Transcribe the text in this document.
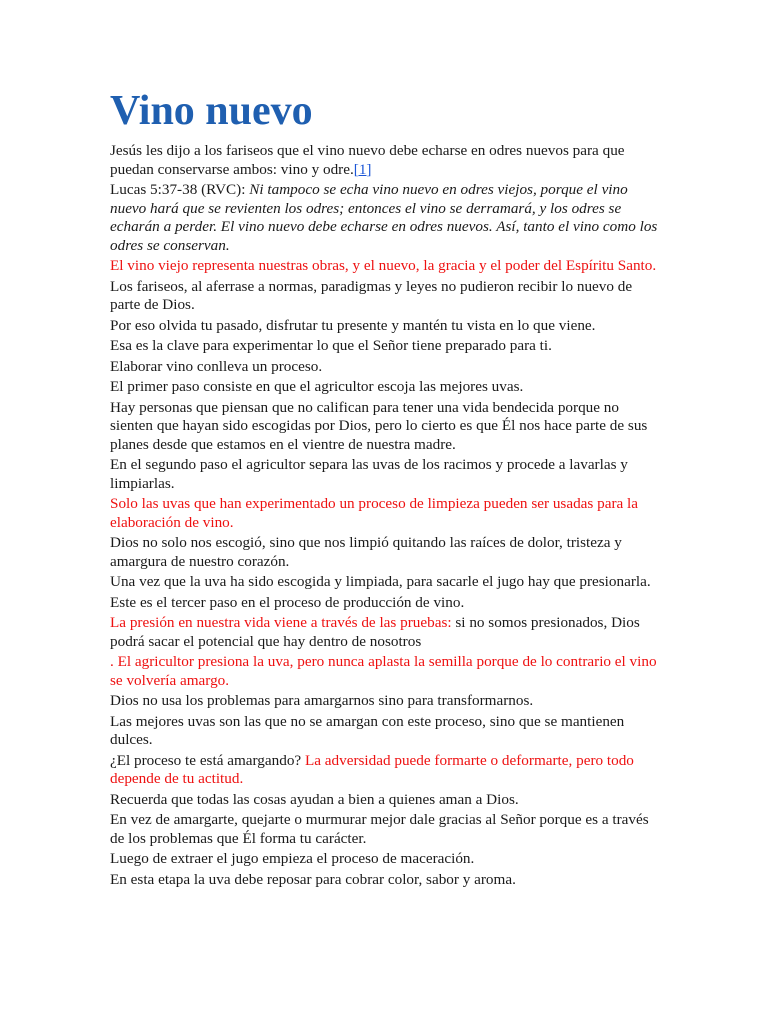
Vino nuevo

Jesús les dijo a los fariseos que el vino nuevo debe echarse en odres nuevos para que puedan conservarse ambos: vino y odre.[1]

Lucas 5:37-38 (RVC): Ni tampoco se echa vino nuevo en odres viejos, porque el vino nuevo hará que se revienten los odres; entonces el vino se derramará, y los odres se echarán a perder. El vino nuevo debe echarse en odres nuevos. Así, tanto el vino como los odres se conservan.

El vino viejo representa nuestras obras, y el nuevo, la gracia y el poder del Espíritu Santo.

Los fariseos, al aferrase a normas, paradigmas y leyes no pudieron recibir lo nuevo de parte de Dios.

Por eso olvida tu pasado, disfrutar tu presente y mantén tu vista en lo que viene.

Esa es la clave para experimentar lo que el Señor tiene preparado para ti.

Elaborar vino conlleva un proceso.

El primer paso consiste en que el agricultor escoja las mejores uvas.

Hay personas que piensan que no califican para tener una vida bendecida porque no sienten que hayan sido escogidas por Dios, pero lo cierto es que Él nos hace parte de sus planes desde que estamos en el vientre de nuestra madre.

En el segundo paso el agricultor separa las uvas de los racimos y procede a lavarlas y limpiarlas.

Solo las uvas que han experimentado un proceso de limpieza pueden ser usadas para la elaboración de vino.

Dios no solo nos escogió, sino que nos limpió quitando las raíces de dolor, tristeza y amargura de nuestro corazón.

Una vez que la uva ha sido escogida y limpiada, para sacarle el jugo hay que presionarla.

Este es el tercer paso en el proceso de producción de vino.

La presión en nuestra vida viene a través de las pruebas: si no somos presionados, Dios podrá sacar el potencial que hay dentro de nosotros

. El agricultor presiona la uva, pero nunca aplasta la semilla porque de lo contrario el vino se volvería amargo.

Dios no usa los problemas para amargarnos sino para transformarnos.

Las mejores uvas son las que no se amargan con este proceso, sino que se mantienen dulces.

¿El proceso te está amargando? La adversidad puede formarte o deformarte, pero todo depende de tu actitud.

Recuerda que todas las cosas ayudan a bien a quienes aman a Dios.

En vez de amargarte, quejarte o murmurar mejor dale gracias al Señor porque es a través de los problemas que Él forma tu carácter.

Luego de extraer el jugo empieza el proceso de maceración.

En esta etapa la uva debe reposar para cobrar color, sabor y aroma.
